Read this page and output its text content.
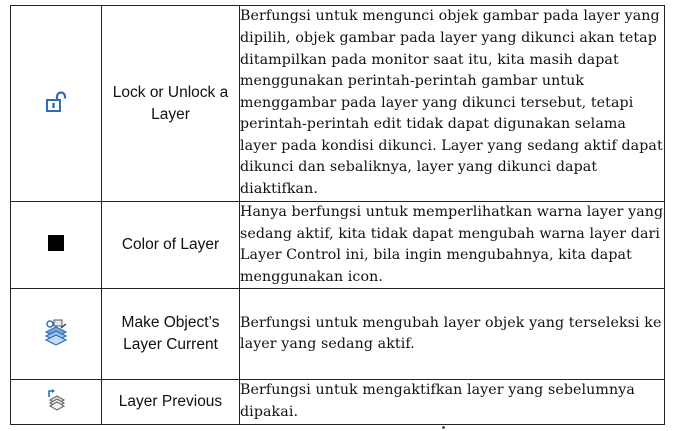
Lock or Unlock a Layer	Berfungsi untuk mengunci objek gambar pada layer yang dipilih, objek gambar pada layer yang dikunci akan tetap ditampilkan pada monitor saat itu, kita masih dapat menggunakan perintah-perintah gambar untuk menggambar pada layer yang dikunci tersebut, tetapi perintah-perintah edit tidak dapat digunakan selama layer pada kondisi dikunci. Layer yang sedang aktif dapat dikunci dan sebaliknya, layer yang dikunci dapat diaktifkan.

Color of Layer	Hanya berfungsi untuk memperlihatkan warna layer yang sedang aktif, kita tidak dapat mengubah warna layer dari Layer Control ini, bila ingin mengubahnya, kita dapat menggunakan icon.

Make Object’s Layer Current	Berfungsi untuk mengubah layer objek yang terseleksi ke layer yang sedang aktif.

Layer Previous	Berfungsi untuk mengaktifkan layer yang sebelumnya dipakai.
